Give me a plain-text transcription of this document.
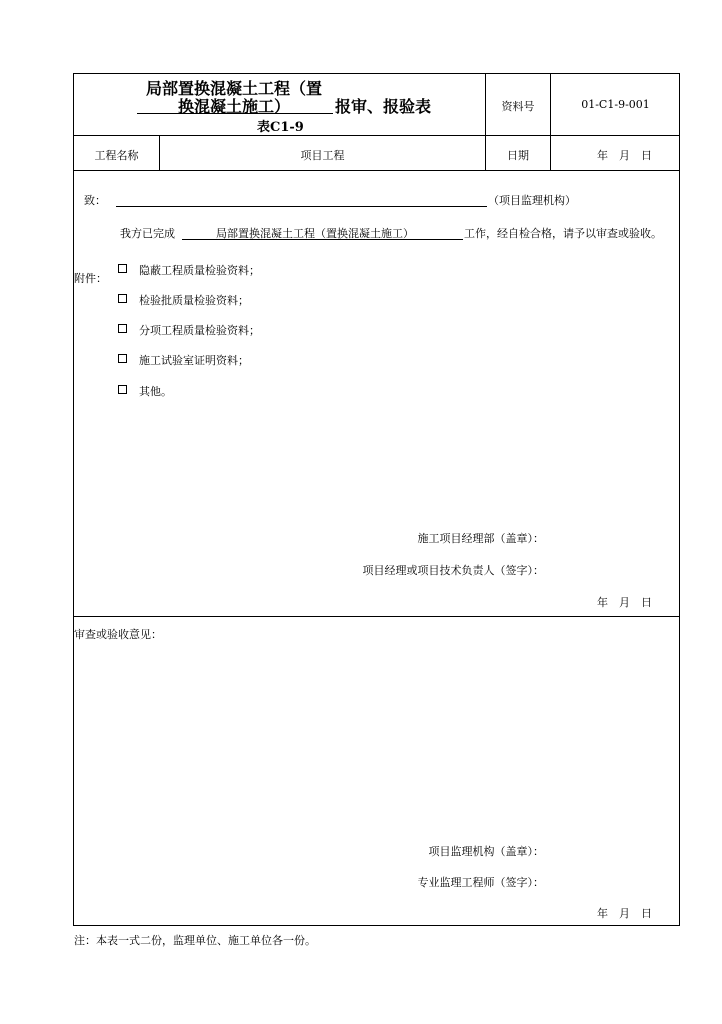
局部置换混凝土工程（置
换混凝土施工）	报审、报验表
表C1-9
资料号	01-C1-9-001
工程名称	项目工程	日期	年　月　日
致：	（项目监理机构）
我方已完成	局部置换混凝土工程（置换混凝土施工）	工作，经自检合格，请予以审查或验收。
附件：
隐蔽工程质量检验资料；
检验批质量检验资料；
分项工程质量检验资料；
施工试验室证明资料；
其他。
施工项目经理部（盖章）：
项目经理或项目技术负责人（签字）：
年　月　日
审查或验收意见：
项目监理机构（盖章）：
专业监理工程师（签字）：
年　月　日
注：本表一式二份，监理单位、施工单位各一份。
